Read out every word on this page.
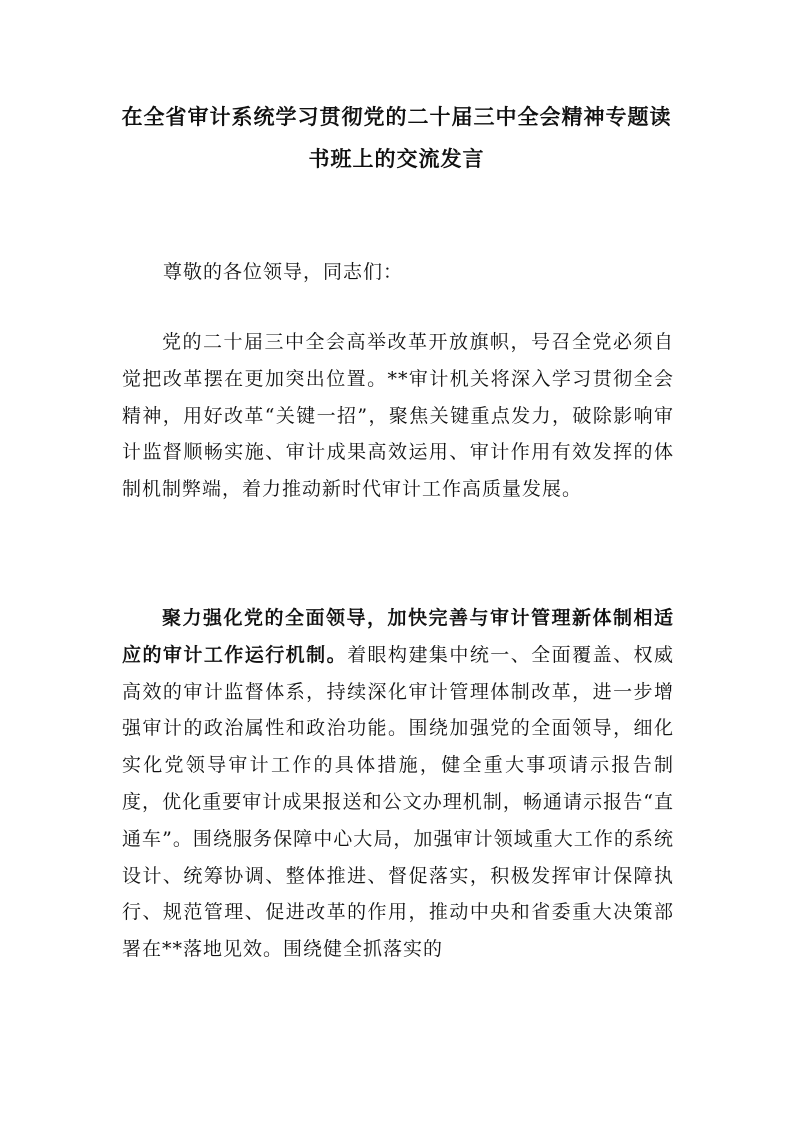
在全省审计系统学习贯彻党的二十届三中全会精神专题读
书班上的交流发言

尊敬的各位领导，同志们：

党的二十届三中全会高举改革开放旗帜，号召全党必须自觉把改革摆在更加突出位置。**审计机关将深入学习贯彻全会精神，用好改革“关键一招”，聚焦关键重点发力，破除影响审计监督顺畅实施、审计成果高效运用、审计作用有效发挥的体制机制弊端，着力推动新时代审计工作高质量发展。

聚力强化党的全面领导，加快完善与审计管理新体制相适应的审计工作运行机制。着眼构建集中统一、全面覆盖、权威高效的审计监督体系，持续深化审计管理体制改革，进一步增强审计的政治属性和政治功能。围绕加强党的全面领导，细化实化党领导审计工作的具体措施，健全重大事项请示报告制度，优化重要审计成果报送和公文办理机制，畅通请示报告“直通车”。围绕服务保障中心大局，加强审计领域重大工作的系统设计、统筹协调、整体推进、督促落实，积极发挥审计保障执行、规范管理、促进改革的作用，推动中央和省委重大决策部署在**落地见效。围绕健全抓落实的
